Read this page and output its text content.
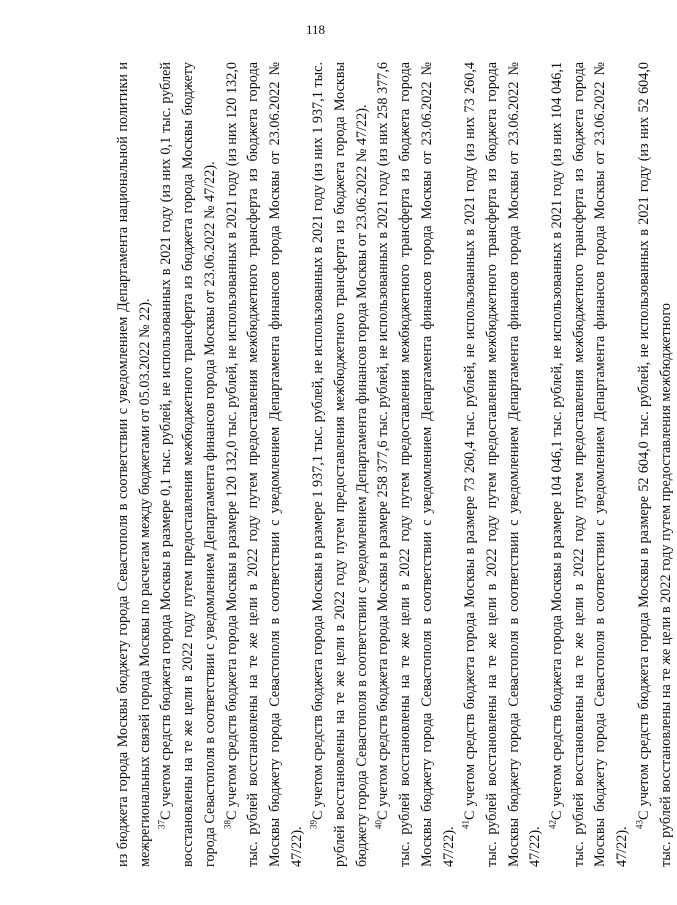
118

из бюджета города Москвы бюджету города Севастополя в соответствии с уведомлением Департамента национальной политики и межрегиональных связей города Москвы по расчетам между бюджетами от 05.03.2022 № 22). $^{37}$С учетом средств бюджета города Москвы в размере 0,1 тыс. рублей, не использованных в 2021 году (из них 0,1 тыс. рублей восстановлены на те же цели в 2022 году путем предоставления межбюджетного трансферта из бюджета города Москвы бюджету города Севастополя в соответствии с уведомлением Департамента финансов города Москвы от 23.06.2022 № 47/22). $^{38}$С учетом средств бюджета города Москвы в размере 120 132,0 тыс. рублей, не использованных в 2021 году (из них 120 132,0 тыс. рублей восстановлены на те же цели в 2022 году путем предоставления межбюджетного трансферта из бюджета города Москвы бюджету города Севастополя в соответствии с уведомлением Департамента финансов города Москвы от 23.06.2022 № 47/22).

$^{39}$С учетом средств бюджета города Москвы в размере 1 937,1 тыс. рублей, не использованных в 2021 году (из них 1 937,1 тыс. рублей восстановлены на те же цели в 2022 году путем предоставления межбюджетного трансферта из бюджета города Москвы бюджету города Севастополя в соответствии с уведомлением Департамента финансов города Москвы от 23.06.2022 № 47/22). $^{40}$С учетом средств бюджета города Москвы в размере 258 377,6 тыс. рублей, не использованных в 2021 году (из них 258 377,6 тыс. рублей восстановлены на те же цели в 2022 году путем предоставления межбюджетного трансферта из бюджета города Москвы бюджету города Севастополя в соответствии с уведомлением Департамента финансов города Москвы от 23.06.2022 № 47/22).

$^{41}$С учетом средств бюджета города Москвы в размере 73 260,4 тыс. рублей, не использованных в 2021 году (из них 73 260,4 тыс. рублей восстановлены на те же цели в 2022 году путем предоставления межбюджетного трансферта из бюджета города Москвы бюджету города Севастополя в соответствии с уведомлением Департамента финансов города Москвы от 23.06.2022 № 47/22).

$^{42}$С учетом средств бюджета города Москвы в размере 104 046,1 тыс. рублей, не использованных в 2021 году (из них 104 046,1 тыс. рублей восстановлены на те же цели в 2022 году путем предоставления межбюджетного трансферта из бюджета города Москвы бюджету города Севастополя в соответствии с уведомлением Департамента финансов города Москвы от 23.06.2022 № 47/22).

$^{43}$С учетом средств бюджета города Москвы в размере 52 604,0 тыс. рублей, не использованных в 2021 году (из них 52 604,0 тыс. рублей восстановлены на те же цели в 2022 году путем предоставления межбюджетного
